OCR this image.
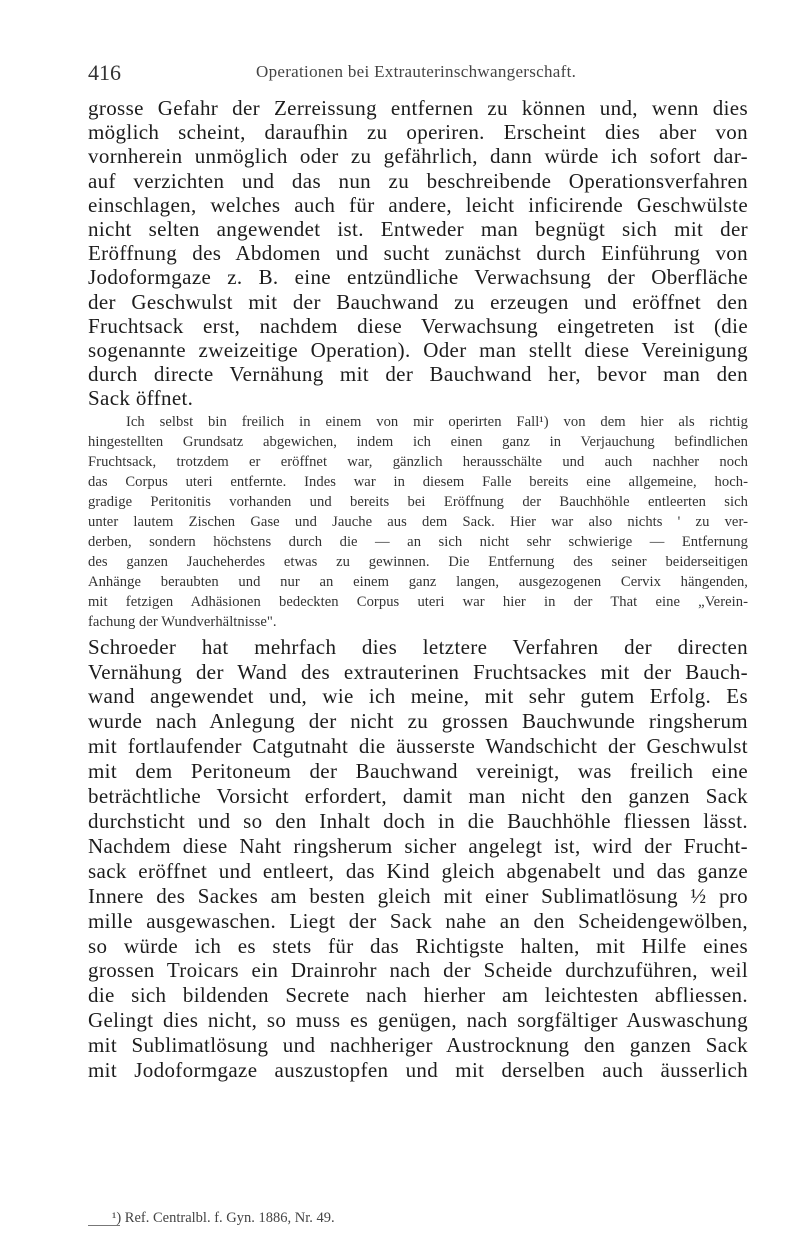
416	Operationen bei Extrauterinschwangerschaft.
grosse Gefahr der Zerreissung entfernen zu können und, wenn dies
möglich scheint, daraufhin zu operiren. Erscheint dies aber von
vornherein unmöglich oder zu gefährlich, dann würde ich sofort dar-
auf verzichten und das nun zu beschreibende Operationsverfahren
einschlagen, welches auch für andere, leicht inficirende Geschwülste
nicht selten angewendet ist. Entweder man begnügt sich mit der
Eröffnung des Abdomen und sucht zunächst durch Einführung von
Jodoformgaze z. B. eine entzündliche Verwachsung der Oberfläche
der Geschwulst mit der Bauchwand zu erzeugen und eröffnet den
Fruchtsack erst, nachdem diese Verwachsung eingetreten ist (die
sogenannte zweizeitige Operation). Oder man stellt diese Vereinigung
durch directe Vernähung mit der Bauchwand her, bevor man den
Sack öffnet.
Ich selbst bin freilich in einem von mir operirten Fall¹) von dem hier als richtig
hingestellten Grundsatz abgewichen, indem ich einen ganz in Verjauchung befindlichen
Fruchtsack, trotzdem er eröffnet war, gänzlich herausschälte und auch nachher noch
das Corpus uteri entfernte. Indes war in diesem Falle bereits eine allgemeine, hoch-
gradige Peritonitis vorhanden und bereits bei Eröffnung der Bauchhöhle entleerten sich
unter lautem Zischen Gase und Jauche aus dem Sack. Hier war also nichts ' zu ver-
derben, sondern höchstens durch die — an sich nicht sehr schwierige — Entfernung
des ganzen Jaucheherdes etwas zu gewinnen. Die Entfernung des seiner beiderseitigen
Anhänge beraubten und nur an einem ganz langen, ausgezogenen Cervix hängenden,
mit fetzigen Adhäsionen bedeckten Corpus uteri war hier in der That eine „Verein-
fachung der Wundverhältnisse".
Schroeder hat mehrfach dies letztere Verfahren der directen
Vernähung der Wand des extrauterinen Fruchtsackes mit der Bauch-
wand angewendet und, wie ich meine, mit sehr gutem Erfolg. Es
wurde nach Anlegung der nicht zu grossen Bauchwunde ringsherum
mit fortlaufender Catgutnaht die äusserste Wandschicht der Geschwulst
mit dem Peritoneum der Bauchwand vereinigt, was freilich eine
beträchtliche Vorsicht erfordert, damit man nicht den ganzen Sack
durchsticht und so den Inhalt doch in die Bauchhöhle fliessen lässt.
Nachdem diese Naht ringsherum sicher angelegt ist, wird der Frucht-
sack eröffnet und entleert, das Kind gleich abgenabelt und das ganze
Innere des Sackes am besten gleich mit einer Sublimatlösung ½ pro
mille ausgewaschen. Liegt der Sack nahe an den Scheidengewölben,
so würde ich es stets für das Richtigste halten, mit Hilfe eines
grossen Troicars ein Drainrohr nach der Scheide durchzuführen, weil
die sich bildenden Secrete nach hierher am leichtesten abfliessen.
Gelingt dies nicht, so muss es genügen, nach sorgfältiger Auswaschung
mit Sublimatlösung und nachheriger Austrocknung den ganzen Sack
mit Jodoformgaze auszustopfen und mit derselben auch äusserlich
¹) Ref. Centralbl. f. Gyn. 1886, Nr. 49.
